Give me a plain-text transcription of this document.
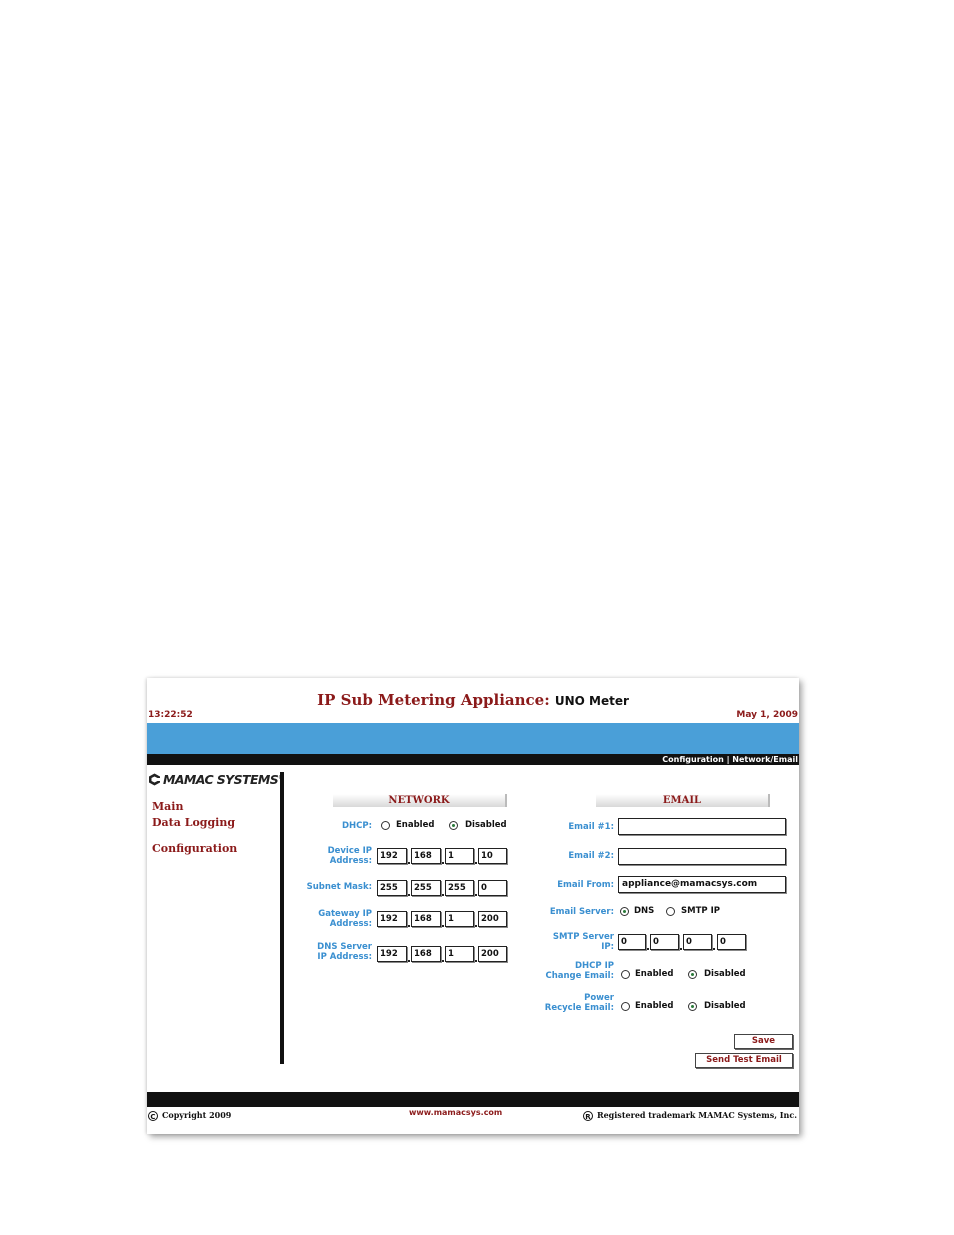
IP Sub Metering Appliance: UNO Meter
13:22:52	May 1, 2009
Configuration | Network/Email
MAMAC SYSTEMS
Main
Data Logging
Configuration
NETWORK
DHCP:	Enabled	Disabled
Device IP
Address: 192	168	1	10
Subnet Mask: 255	255	255	0
Gateway IP
Address: 192	168	1	200
DNS Server
IP Address: 192	168	1	200
EMAIL
Email #1:
Email #2:
Email From: appliance@mamacsys.com
Email Server: DNS	SMTP IP
SMTP Server
IP: 0	0	0	0
DHCP IP
Change Email: Enabled	Disabled
Power
Recycle Email: Enabled	Disabled
Save
Send Test Email
C Copyright 2009	www.mamacsys.com	R Registered trademark MAMAC Systems, Inc.
